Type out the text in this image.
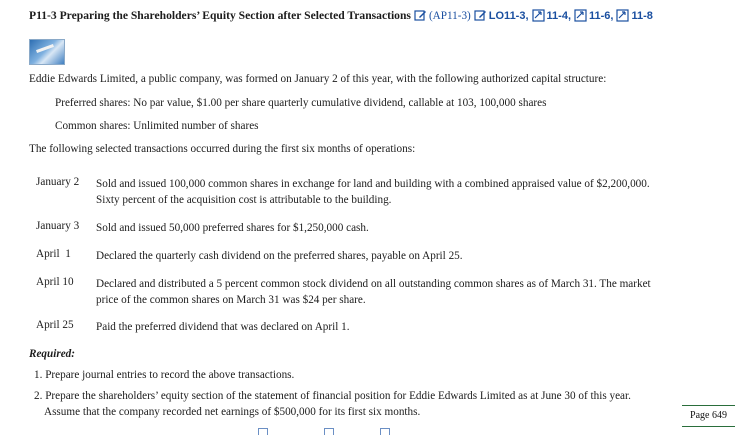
P11-3 Preparing the Shareholders’ Equity Section after Selected Transactions (AP11-3) LO11-3, 11-4, 11-6, 11-8
Eddie Edwards Limited, a public company, was formed on January 2 of this year, with the following authorized capital structure:
Preferred shares: No par value, $1.00 per share quarterly cumulative dividend, callable at 103, 100,000 shares
Common shares: Unlimited number of shares
The following selected transactions occurred during the first six months of operations:
January 2 Sold and issued 100,000 common shares in exchange for land and building with a combined appraised value of $2,200,000.
Sixty percent of the acquisition cost is attributable to the building.
January 3 Sold and issued 50,000 preferred shares for $1,250,000 cash.
April  1 Declared the quarterly cash dividend on the preferred shares, payable on April 25.
April 10 Declared and distributed a 5 percent common stock dividend on all outstanding common shares as of March 31. The market
price of the common shares on March 31 was $24 per share.
April 25 Paid the preferred dividend that was declared on April 1.
Required:
1. Prepare journal entries to record the above transactions.
2. Prepare the shareholders’ equity section of the statement of financial position for Eddie Edwards Limited as at June 30 of this year.
Assume that the company recorded net earnings of $500,000 for its first six months.	Page 649
